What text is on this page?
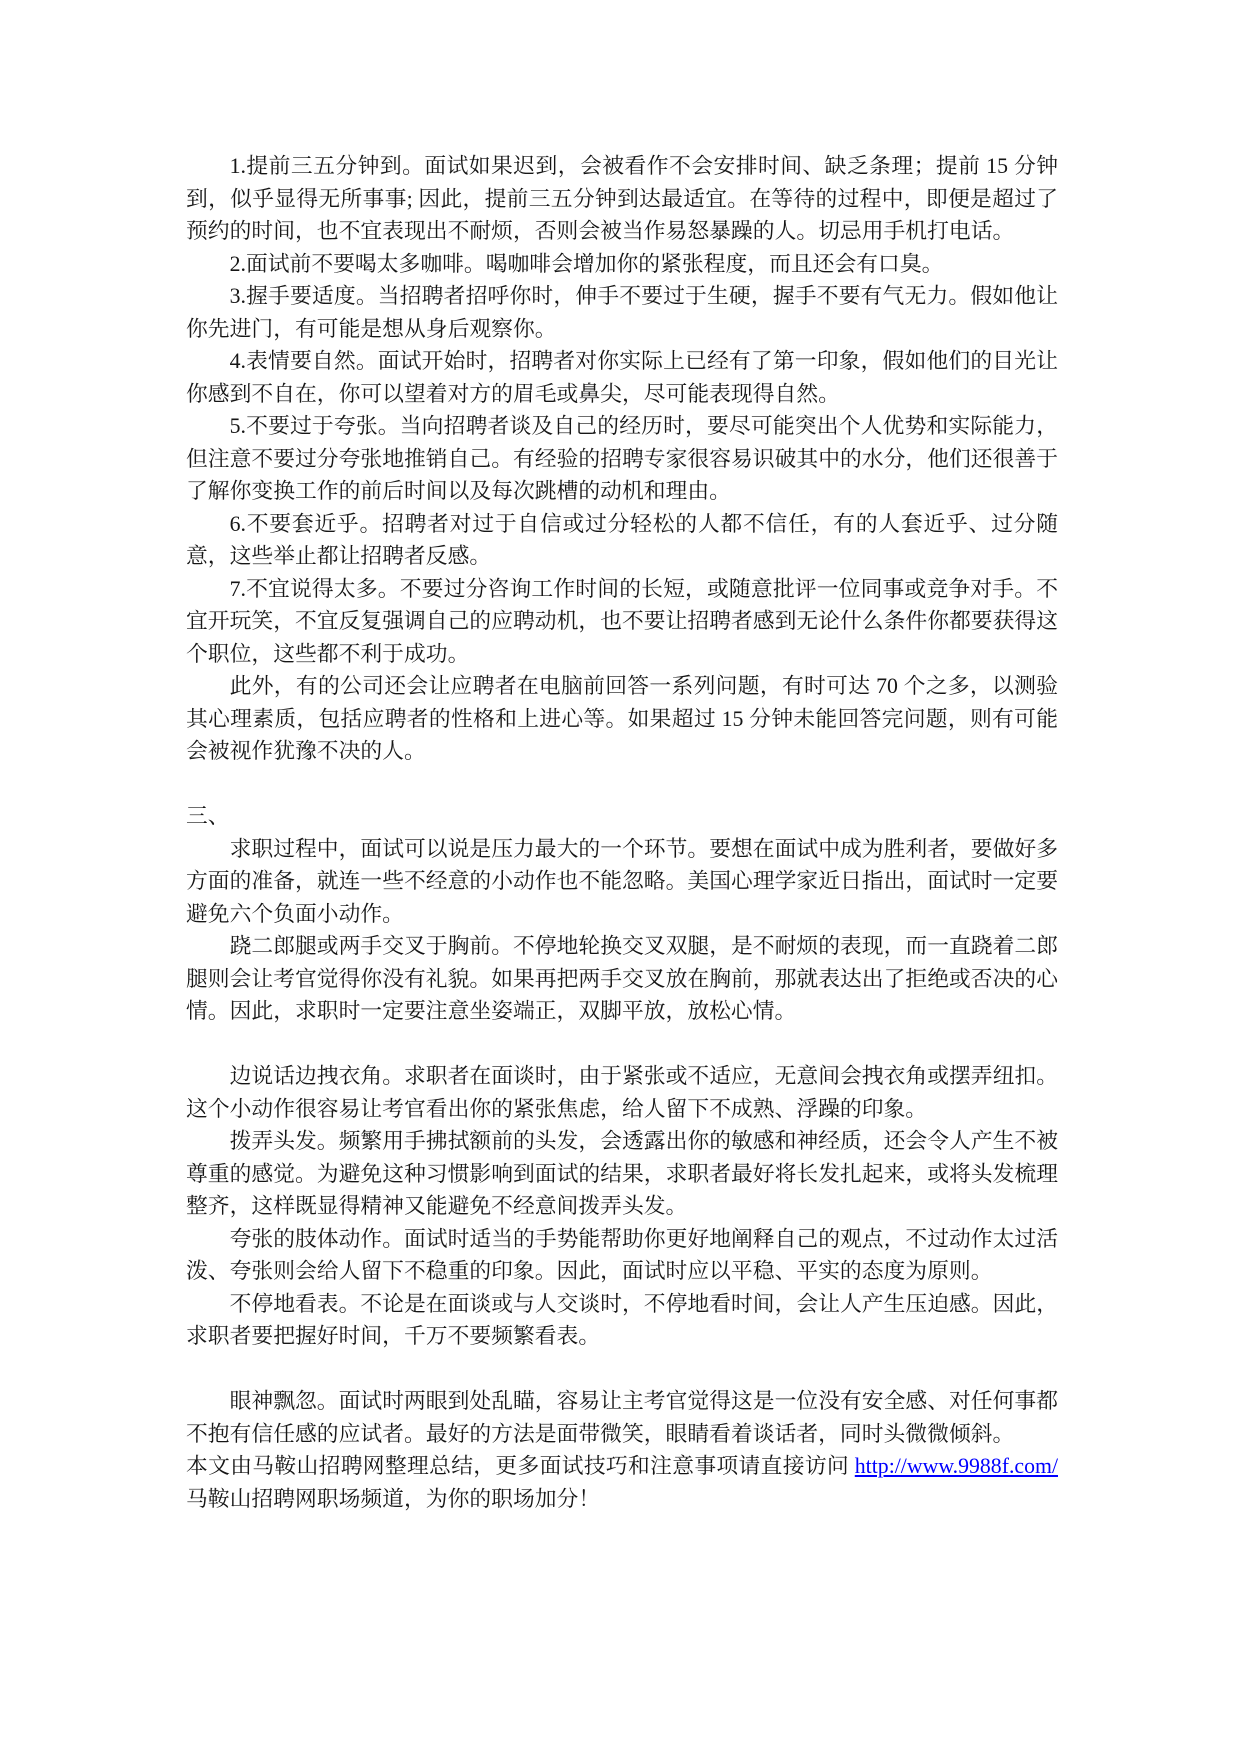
1.提前三五分钟到。面试如果迟到，会被看作不会安排时间、缺乏条理；提前 15 分钟到，似乎显得无所事事; 因此，提前三五分钟到达最适宜。在等待的过程中，即便是超过了预约的时间，也不宜表现出不耐烦，否则会被当作易怒暴躁的人。切忌用手机打电话。

2.面试前不要喝太多咖啡。喝咖啡会增加你的紧张程度，而且还会有口臭。

3.握手要适度。当招聘者招呼你时，伸手不要过于生硬，握手不要有气无力。假如他让你先进门，有可能是想从身后观察你。

4.表情要自然。面试开始时，招聘者对你实际上已经有了第一印象，假如他们的目光让你感到不自在，你可以望着对方的眉毛或鼻尖，尽可能表现得自然。

5.不要过于夸张。当向招聘者谈及自己的经历时，要尽可能突出个人优势和实际能力，但注意不要过分夸张地推销自己。有经验的招聘专家很容易识破其中的水分，他们还很善于了解你变换工作的前后时间以及每次跳槽的动机和理由。

6.不要套近乎。招聘者对过于自信或过分轻松的人都不信任，有的人套近乎、过分随意，这些举止都让招聘者反感。

7.不宜说得太多。不要过分咨询工作时间的长短，或随意批评一位同事或竞争对手。不宜开玩笑，不宜反复强调自己的应聘动机，也不要让招聘者感到无论什么条件你都要获得这个职位，这些都不利于成功。

此外，有的公司还会让应聘者在电脑前回答一系列问题，有时可达 70 个之多，以测验其心理素质，包括应聘者的性格和上进心等。如果超过 15 分钟未能回答完问题，则有可能会被视作犹豫不决的人。

三、

求职过程中，面试可以说是压力最大的一个环节。要想在面试中成为胜利者，要做好多方面的准备，就连一些不经意的小动作也不能忽略。美国心理学家近日指出，面试时一定要避免六个负面小动作。

跷二郎腿或两手交叉于胸前。不停地轮换交叉双腿，是不耐烦的表现，而一直跷着二郎腿则会让考官觉得你没有礼貌。如果再把两手交叉放在胸前，那就表达出了拒绝或否决的心情。因此，求职时一定要注意坐姿端正，双脚平放，放松心情。

边说话边拽衣角。求职者在面谈时，由于紧张或不适应，无意间会拽衣角或摆弄纽扣。这个小动作很容易让考官看出你的紧张焦虑，给人留下不成熟、浮躁的印象。

拨弄头发。频繁用手拂拭额前的头发，会透露出你的敏感和神经质，还会令人产生不被尊重的感觉。为避免这种习惯影响到面试的结果，求职者最好将长发扎起来，或将头发梳理整齐，这样既显得精神又能避免不经意间拨弄头发。

夸张的肢体动作。面试时适当的手势能帮助你更好地阐释自己的观点，不过动作太过活泼、夸张则会给人留下不稳重的印象。因此，面试时应以平稳、平实的态度为原则。

不停地看表。不论是在面谈或与人交谈时，不停地看时间，会让人产生压迫感。因此，求职者要把握好时间，千万不要频繁看表。

眼神飘忽。面试时两眼到处乱瞄，容易让主考官觉得这是一位没有安全感、对任何事都不抱有信任感的应试者。最好的方法是面带微笑，眼睛看着谈话者，同时头微微倾斜。

本文由马鞍山招聘网整理总结，更多面试技巧和注意事项请直接访问 http://www.9988f.com/马鞍山招聘网职场频道，为你的职场加分！
